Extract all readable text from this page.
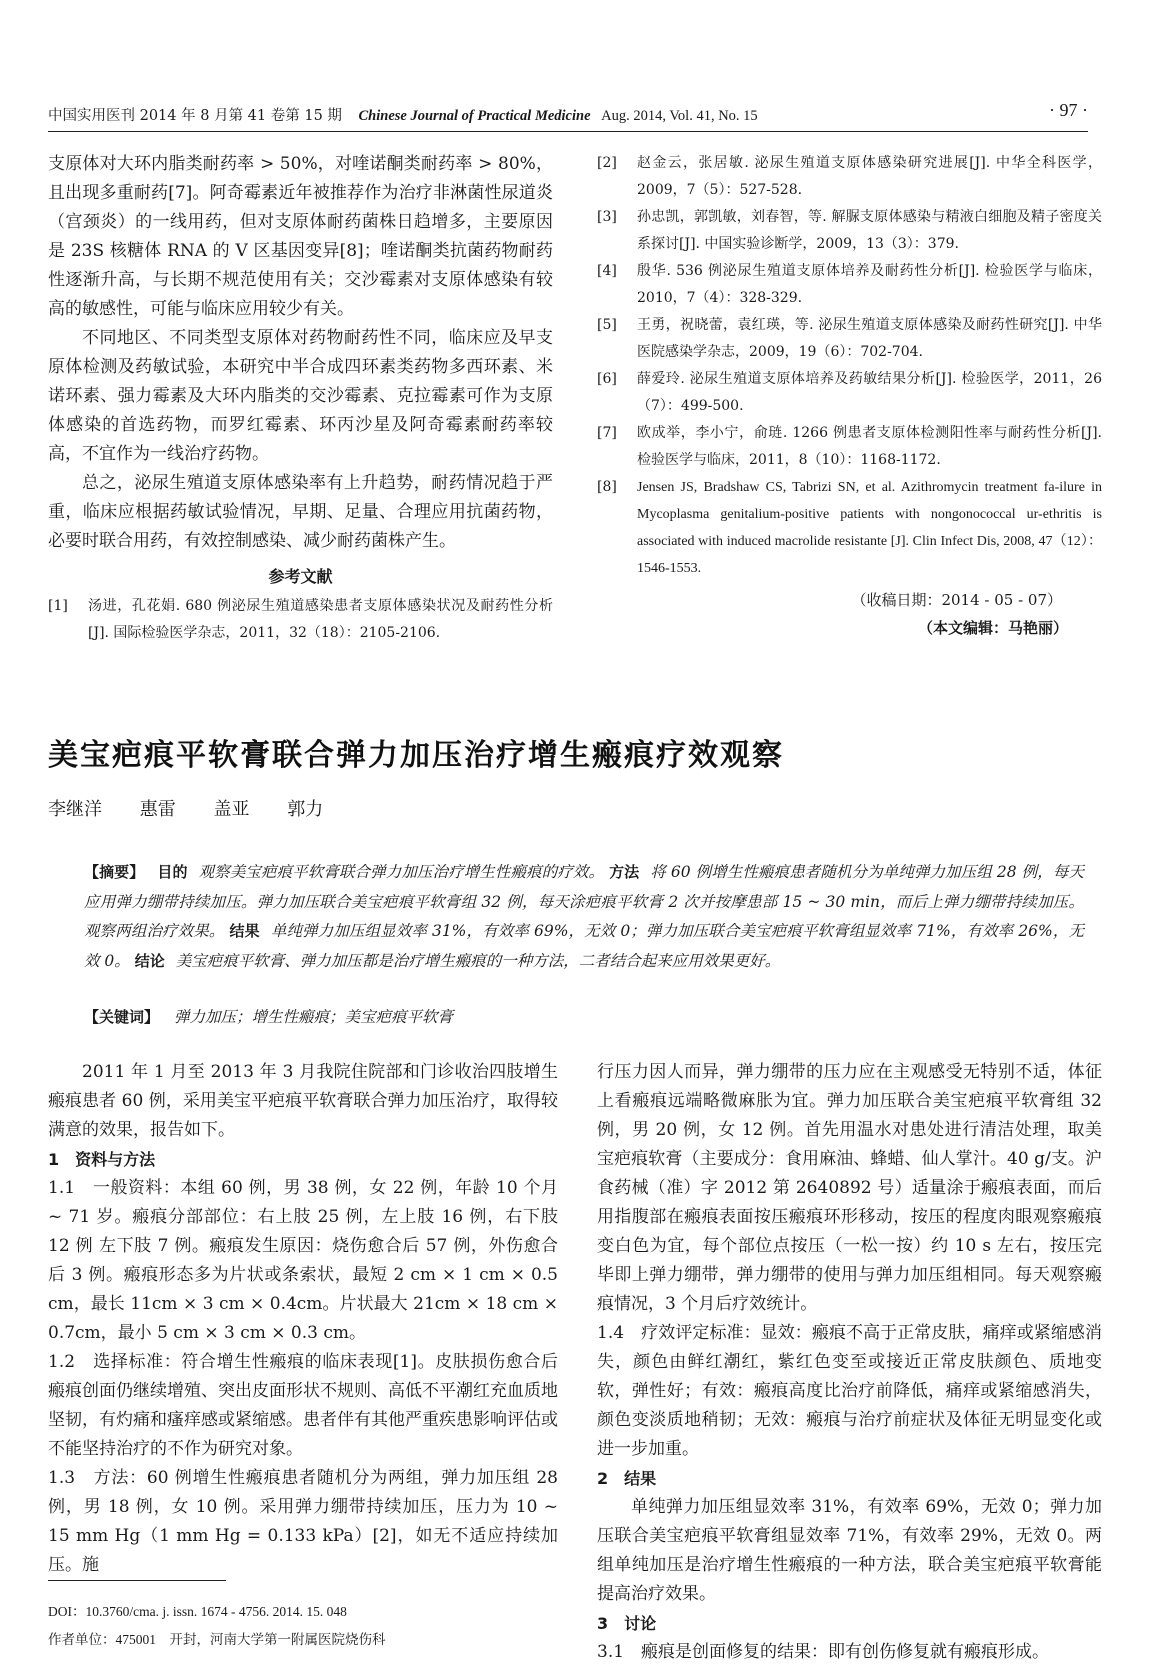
中国实用医刊 2014 年 8 月第 41 卷第 15 期 Chinese Journal of Practical Medicine Aug. 2014, Vol. 41, No. 15	· 97 ·

支原体对大环内脂类耐药率 > 50%，对喹诺酮类耐药率 > 80%，且出现多重耐药[7]。阿奇霉素近年被推荐作为治疗非淋菌性尿道炎（宫颈炎）的一线用药，但对支原体耐药菌株日趋增多，主要原因是 23S 核糖体 RNA 的 V 区基因变异[8]；喹诺酮类抗菌药物耐药性逐渐升高，与长期不规范使用有关；交沙霉素对支原体感染有较高的敏感性，可能与临床应用较少有关。

不同地区、不同类型支原体对药物耐药性不同，临床应及早支原体检测及药敏试验，本研究中半合成四环素类药物多西环素、米诺环素、强力霉素及大环内脂类的交沙霉素、克拉霉素可作为支原体感染的首选药物，而罗红霉素、环丙沙星及阿奇霉素耐药率较高，不宜作为一线治疗药物。

总之，泌尿生殖道支原体感染率有上升趋势，耐药情况趋于严重，临床应根据药敏试验情况，早期、足量、合理应用抗菌药物，必要时联合用药，有效控制感染、减少耐药菌株产生。

参考文献
[1]	汤进，孔花娟. 680 例泌尿生殖道感染患者支原体感染状况及耐药性分析[J]. 国际检验医学杂志，2011，32（18）：2105-2106.
[2]	赵金云，张居敏. 泌尿生殖道支原体感染研究进展[J]. 中华全科医学，2009，7（5）：527-528.
[3]	孙忠凯，郭凯敏，刘春智，等. 解脲支原体感染与精液白细胞及精子密度关系探讨[J]. 中国实验诊断学，2009，13（3）：379.
[4]	殷华. 536 例泌尿生殖道支原体培养及耐药性分析[J]. 检验医学与临床，2010，7（4）：328-329.
[5]	王勇，祝晓蕾，袁红瑛，等. 泌尿生殖道支原体感染及耐药性研究[J]. 中华医院感染学杂志，2009，19（6）：702-704.
[6]	薛爱玲. 泌尿生殖道支原体培养及药敏结果分析[J]. 检验医学，2011，26（7）：499-500.
[7]	欧成举，李小宁，俞琏. 1266 例患者支原体检测阳性率与耐药性分析[J]. 检验医学与临床，2011，8（10）：1168-1172.
[8]	Jensen JS, Bradshaw CS, Tabrizi SN, et al. Azithromycin treatment fa-ilure in Mycoplasma genitalium-positive patients with nongonococcal ur-ethritis is associated with induced macrolide resistante [J]. Clin Infect Dis, 2008, 47（12）：1546-1553.
（收稿日期：2014 - 05 - 07）
（本文编辑：马艳丽）
美宝疤痕平软膏联合弹力加压治疗增生瘢痕疗效观察
李继洋 惠雷 盖亚 郭力

【摘要】 目的 观察美宝疤痕平软膏联合弹力加压治疗增生性瘢痕的疗效。 方法 将 60 例增生性瘢痕患者随机分为单纯弹力加压组 28 例，每天应用弹力绷带持续加压。弹力加压联合美宝疤痕平软膏组 32 例，每天涂疤痕平软膏 2 次并按摩患部 15 ~ 30 min，而后上弹力绷带持续加压。观察两组治疗效果。 结果 单纯弹力加压组显效率 31%，有效率 69%，无效 0；弹力加压联合美宝疤痕平软膏组显效率 71%，有效率 26%，无效 0。 结论 美宝疤痕平软膏、弹力加压都是治疗增生瘢痕的一种方法，二者结合起来应用效果更好。

【关键词】 弹力加压；增生性瘢痕；美宝疤痕平软膏

2011 年 1 月至 2013 年 3 月我院住院部和门诊收治四肢增生瘢痕患者 60 例，采用美宝平疤痕平软膏联合弹力加压治疗，取得较满意的效果，报告如下。

1　资料与方法

1.1　一般资料：本组 60 例，男 38 例，女 22 例，年龄 10 个月 ~ 71 岁。瘢痕分部部位：右上肢 25 例，左上肢 16 例，右下肢 12 例 左下肢 7 例。瘢痕发生原因：烧伤愈合后 57 例，外伤愈合后 3 例。瘢痕形态多为片状或条索状，最短 2 cm × 1 cm × 0.5 cm，最长 11cm × 3 cm × 0.4cm。片状最大 21cm × 18 cm × 0.7cm，最小 5 cm × 3 cm × 0.3 cm。

1.2　选择标准：符合增生性瘢痕的临床表现[1]。皮肤损伤愈合后瘢痕创面仍继续增殖、突出皮面形状不规则、高低不平潮红充血质地坚韧，有灼痛和瘙痒感或紧缩感。患者伴有其他严重疾患影响评估或不能坚持治疗的不作为研究对象。

1.3　方法：60 例增生性瘢痕患者随机分为两组，弹力加压组 28 例，男 18 例，女 10 例。采用弹力绷带持续加压，压力为 10 ~ 15 mm Hg（1 mm Hg = 0.133 kPa）[2]，如无不适应持续加压。施

行压力因人而异，弹力绷带的压力应在主观感受无特别不适，体征上看瘢痕远端略微麻胀为宜。弹力加压联合美宝疤痕平软膏组 32 例，男 20 例，女 12 例。首先用温水对患处进行清洁处理，取美宝疤痕软膏（主要成分：食用麻油、蜂蜡、仙人掌汁。40 g/支。沪食药械（准）字 2012 第 2640892 号）适量涂于瘢痕表面，而后用指腹部在瘢痕表面按压瘢痕环形移动，按压的程度肉眼观察瘢痕变白色为宜，每个部位点按压（一松一按）约 10 s 左右，按压完毕即上弹力绷带，弹力绷带的使用与弹力加压组相同。每天观察瘢痕情况，3 个月后疗效统计。

1.4　疗效评定标准：显效：瘢痕不高于正常皮肤，痛痒或紧缩感消失，颜色由鲜红潮红，紫红色变至或接近正常皮肤颜色、质地变软，弹性好；有效：瘢痕高度比治疗前降低，痛痒或紧缩感消失，颜色变淡质地稍韧；无效：瘢痕与治疗前症状及体征无明显变化或进一步加重。

2　结果

单纯弹力加压组显效率 31%，有效率 69%，无效 0；弹力加压联合美宝疤痕平软膏组显效率 71%，有效率 29%，无效 0。两组单纯加压是治疗增生性瘢痕的一种方法，联合美宝疤痕平软膏能提高治疗效果。

3　讨论

3.1　瘢痕是创面修复的结果：即有创伤修复就有瘢痕形成。

DOI：10.3760/cma. j. issn. 1674 - 4756. 2014. 15. 048
作者单位：475001　开封，河南大学第一附属医院烧伤科
